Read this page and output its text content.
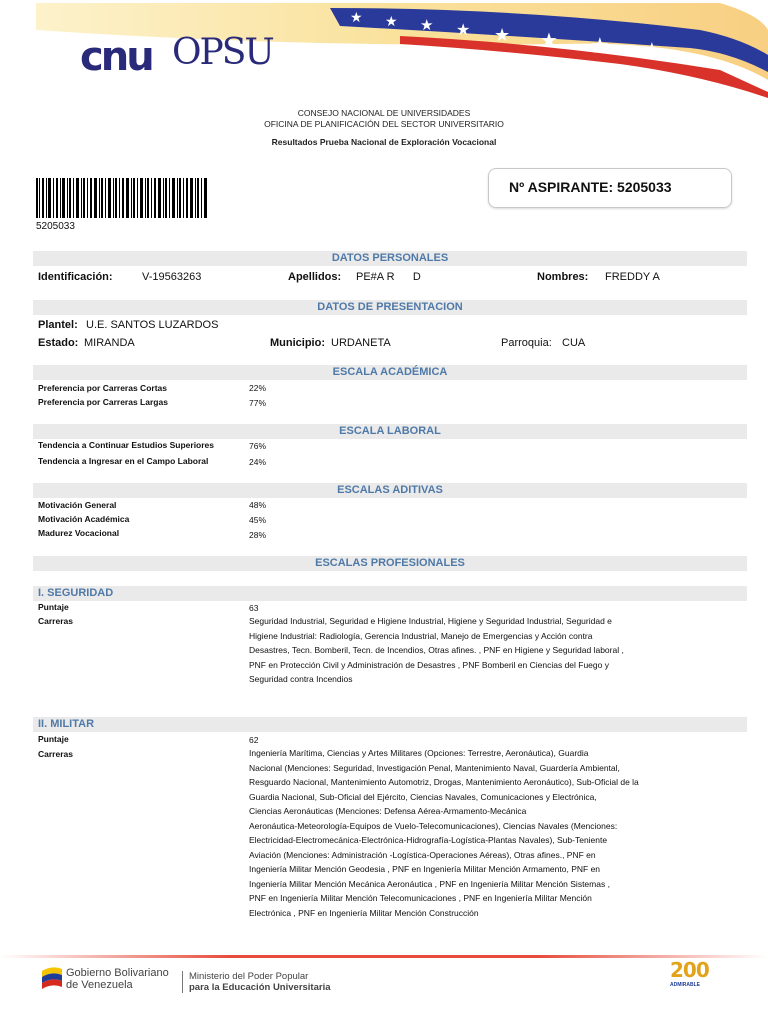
★ ★ ★ ★ ★ ★ ★ ★
cnu OPSU
CONSEJO NACIONAL DE UNIVERSIDADES
OFICINA DE PLANIFICACIÓN DEL SECTOR UNIVERSITARIO
Resultados Prueba Nacional de Exploración Vocacional
5205033
Nº ASPIRANTE: 5205033
DATOS PERSONALES
Identificación:	V-19563263	Apellidos: PE#A R      D	Nombres: FREDDY A
DATOS DE PRESENTACION
Plantel: U.E. SANTOS LUZARDOS
Estado: MIRANDA	Municipio: URDANETA	Parroquia: CUA
ESCALA ACADÉMICA
Preferencia por Carreras Cortas	22%
Preferencia por Carreras Largas	77%
ESCALA LABORAL
Tendencia a Continuar Estudios Superiores	76%
Tendencia a Ingresar en el Campo Laboral	24%
ESCALAS ADITIVAS
Motivación General	48%
Motivación Académica	45%
Madurez Vocacional	28%
ESCALAS PROFESIONALES
I. SEGURIDAD
Puntaje	63
Carreras	Seguridad Industrial, Seguridad e Higiene Industrial, Higiene y Seguridad Industrial, Seguridad e
Higiene Industrial: Radiología, Gerencia Industrial, Manejo de Emergencias y Acción contra
Desastres, Tecn. Bomberil, Tecn. de Incendios, Otras afines. , PNF en Higiene y Seguridad laboral ,
PNF en Protección Civil y Administración de Desastres , PNF Bomberil en Ciencias del Fuego y
Seguridad contra Incendios
II. MILITAR
Puntaje	62
Carreras	Ingeniería Marítima, Ciencias y Artes Militares (Opciones: Terrestre, Aeronáutica), Guardia
Nacional (Menciones: Seguridad, Investigación Penal, Mantenimiento Naval, Guardería Ambiental,
Resguardo Nacional, Mantenimiento Automotriz, Drogas, Mantenimiento Aeronáutico), Sub-Oficial de la
Guardia Nacional, Sub-Oficial del Ejército, Ciencias Navales, Comunicaciones y Electrónica,
Ciencias Aeronáuticas (Menciones: Defensa Aérea-Armamento-Mecánica
Aeronáutica-Meteorología-Equipos de Vuelo-Telecomunicaciones), Ciencias Navales (Menciones:
Electricidad-Electromecánica-Electrónica-Hidrografía-Logística-Plantas Navales), Sub-Teniente
Aviación (Menciones: Administración -Logística-Operaciones Aéreas), Otras afines., PNF en
Ingeniería Militar Mención Geodesia , PNF en Ingeniería Militar Mención Armamento, PNF en
Ingeniería Militar Mención Mecánica Aeronáutica , PNF en Ingeniería Militar Mención Sistemas ,
PNF en Ingeniería Militar Mención Telecomunicaciones , PNF en Ingeniería Militar Mención
Electrónica , PNF en Ingeniería Militar Mención Construcción
Gobierno Bolivariano
de Venezuela
Ministerio del Poder Popular
para la Educación Universitaria
200
ADMIRABLE
